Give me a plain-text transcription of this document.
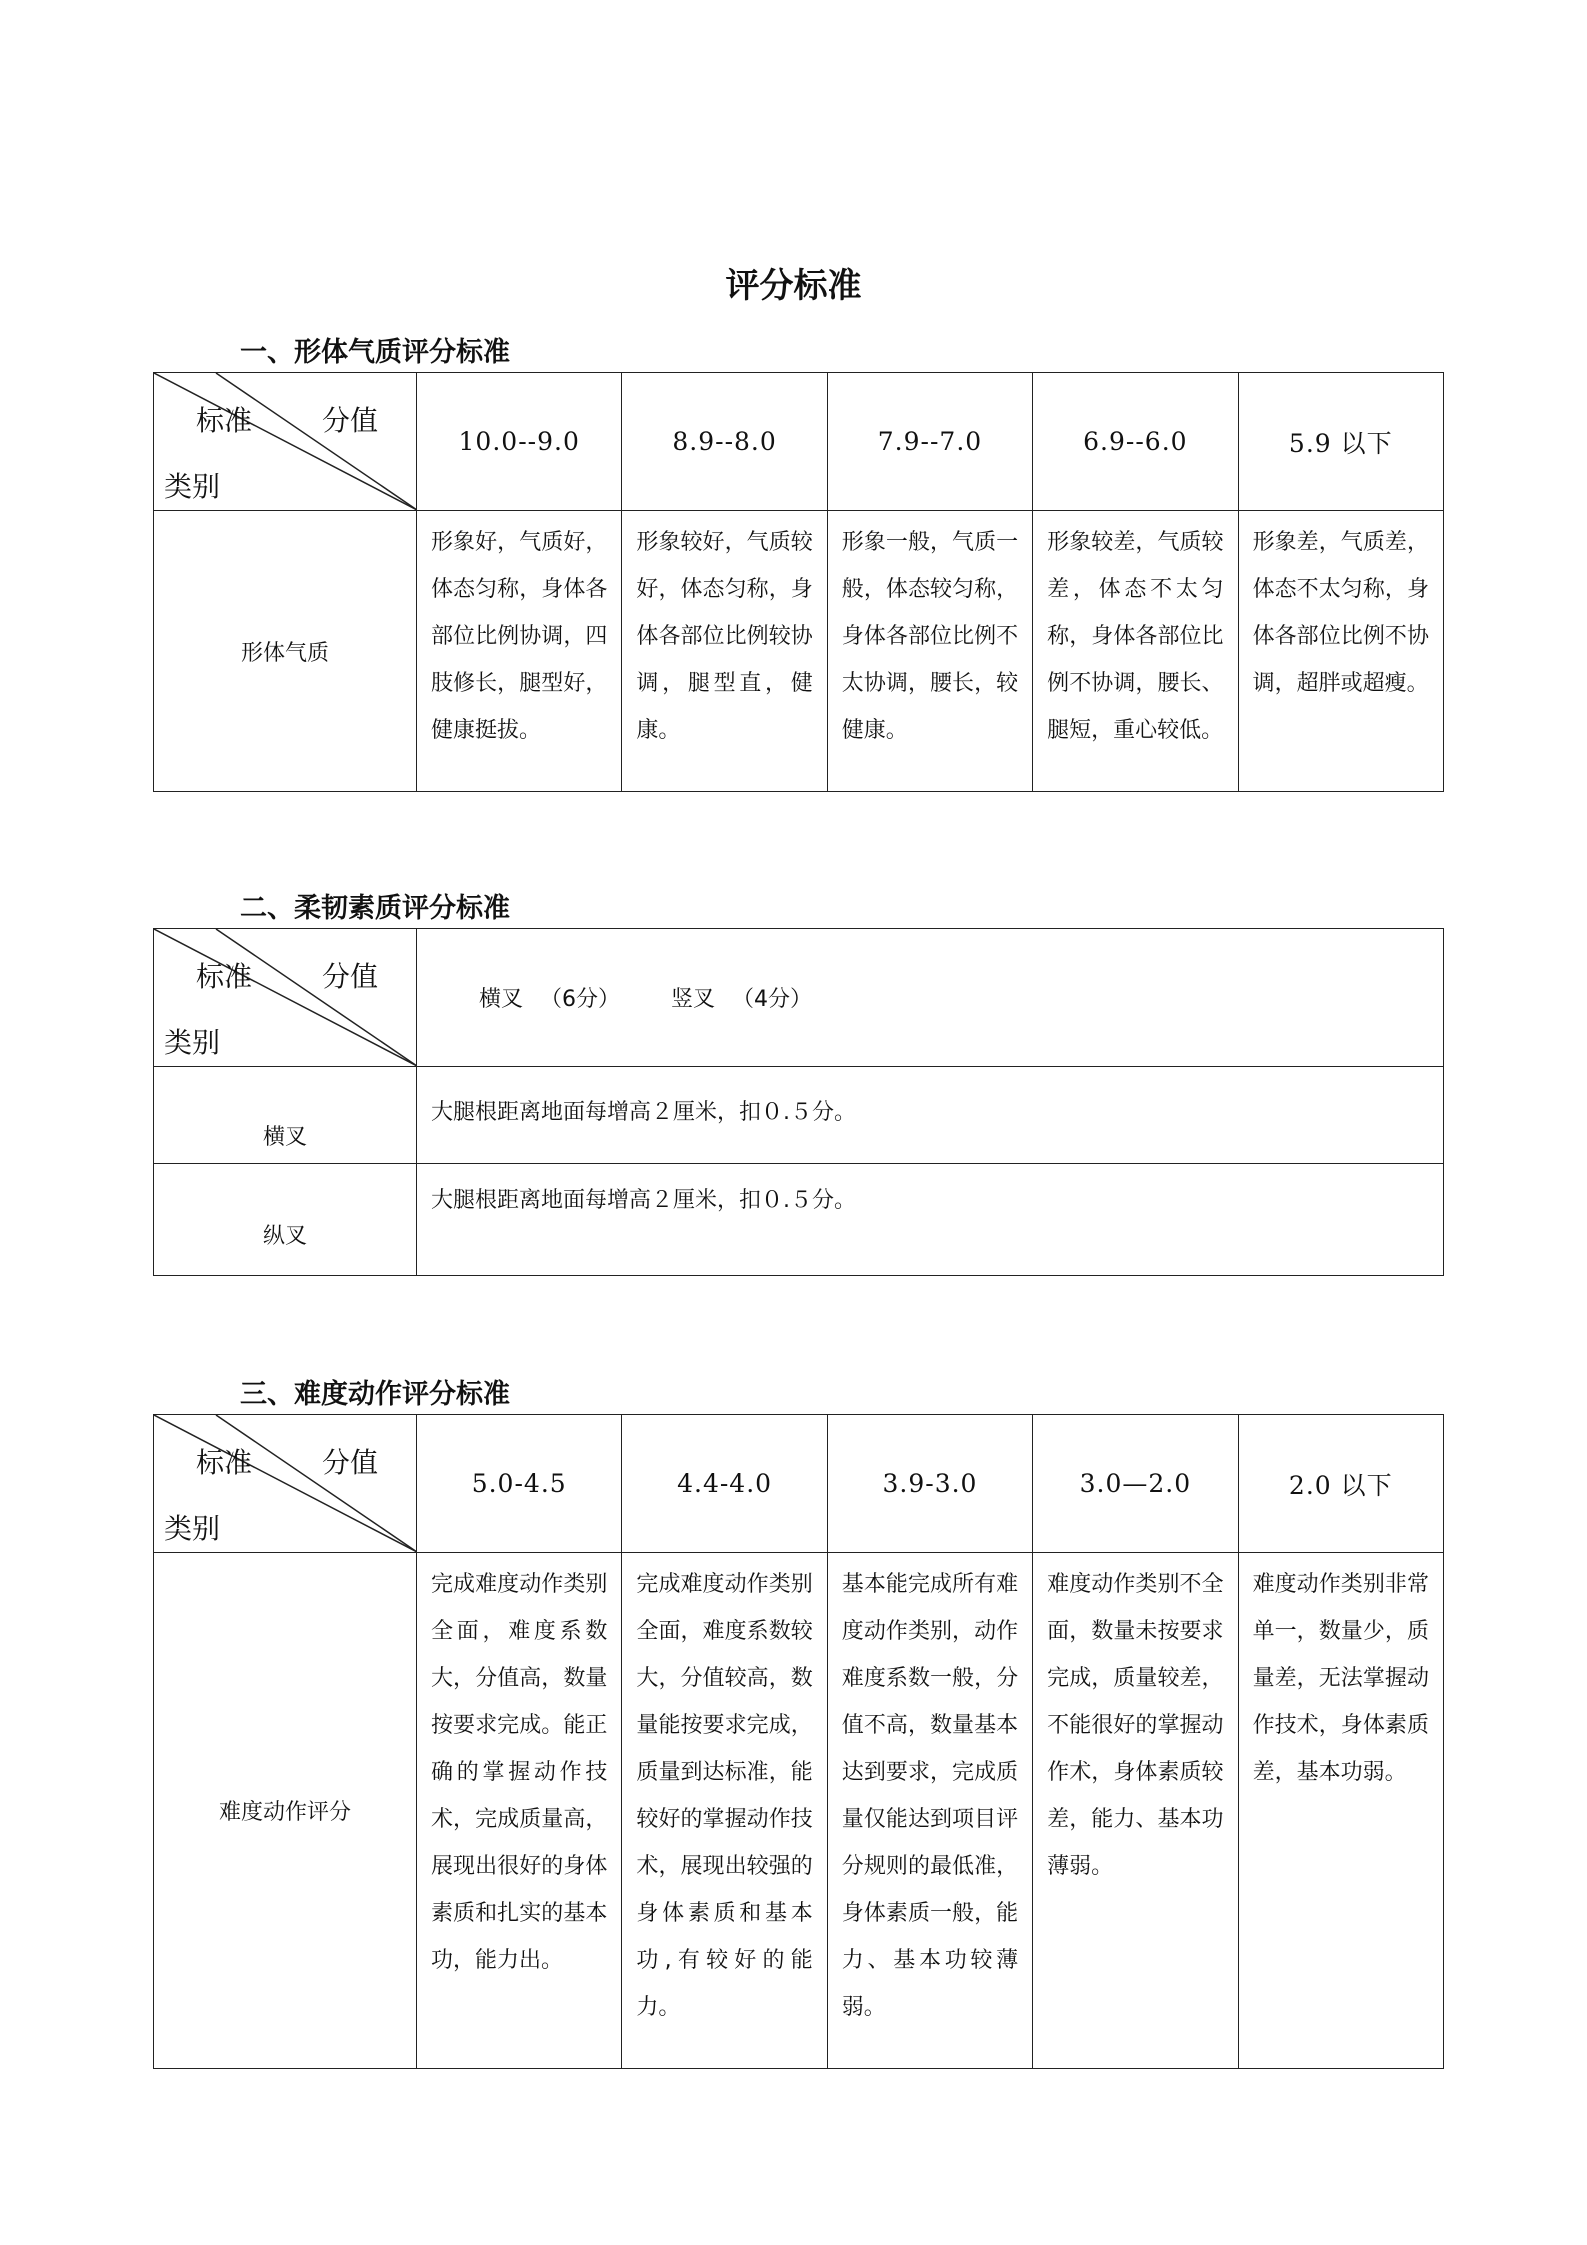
评分标准
一、形体气质评分标准
标准 分值
类别	10.0--9.0	8.9--8.0	7.9--7.0	6.9--6.0	5.9 以下
形体气质	形象好，气质好，体态匀称，身体各 部位比例协调，四肢修长，腿型好，健康挺拔。	形象较好，气质较好，体态匀称，身体各部位比例较协调，腿型直，健康。	形象一般，气质一般，体态较匀称，身体各部位比例不太协调，腰长，较健康。	形象较差，气质较差，体态不太匀称，身体各部位比例不协调，腰长、腿短，重心较低。	形象差，气质差，体态不太匀称，身体各部位比例不协调，超胖或超瘦。
二、柔韧素质评分标准
标准 分值
类别	横叉 （6分）   竖叉 （4分）
横叉	大腿根距离地面每增高２厘米，扣０.５分。
纵叉	大腿根距离地面每增高２厘米，扣０.５分。
三、难度动作评分标准
标准 分值
类别	5.0-4.5	4.4-4.0	3.9-3.0	3.0—2.0	2.0 以下
难度动作评分	完成难度动作类别全面，难度系数大，分值高，数量按要求完成。能正确的掌握动作技术，完成质量高，展现出很好的身体素质和扎实的基本功，能力出。	完成难度动作类别全面，难度系数较大，分值较高，数量能按要求完成，质量到达标准，能较好的掌握动作技术，展现出较强的身体素质和基本功,有较好的能力。	基本能完成所有难度动作类别，动作难度系数一般，分值不高，数量基本达到要求，完成质量仅能达到项目评分规则的最低准，身体素质一般，能力、基本功较薄弱。	难度动作类别不全面，数量未按要求完成，质量较差，不能很好的掌握动作术，身体素质较差，能力、基本功薄弱。	难度动作类别非常单一，数量少，质量差，无法掌握动作技术，身体素质差，基本功弱。
